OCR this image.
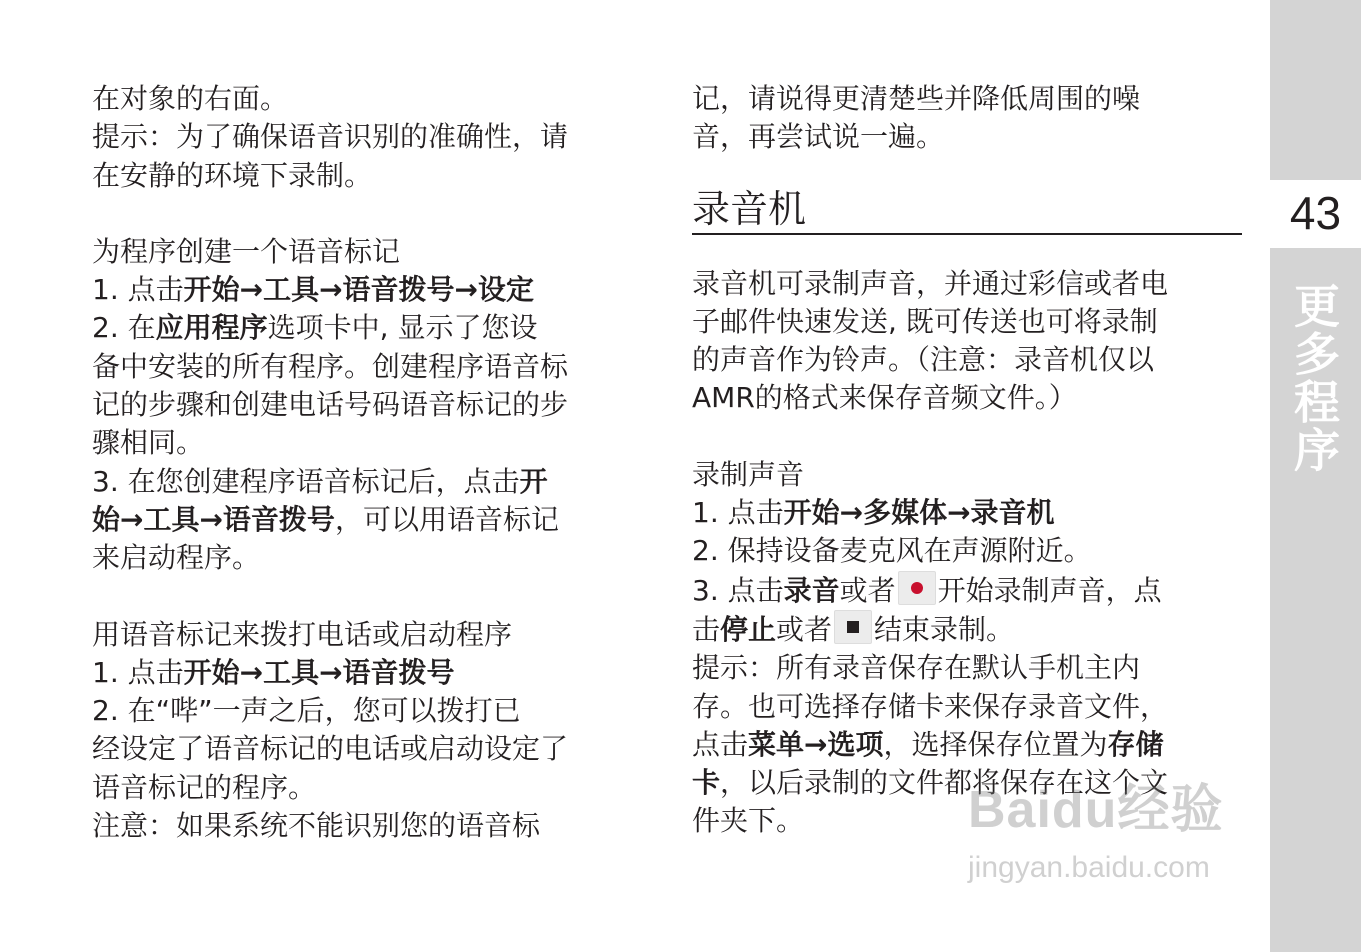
43
更多程序

在对象的右面。

提示：为了确保语音识别的准确性，请

在安静的环境下录制。

为程序创建一个语音标记

1. 点击开始→工具→语音拨号→设定

2. 在应用程序选项卡中, 显示了您设

备中安装的所有程序。创建程序语音标

记的步骤和创建电话号码语音标记的步

骤相同。

3. 在您创建程序语音标记后，点击开

始→工具→语音拨号，可以用语音标记

来启动程序。

用语音标记来拨打电话或启动程序

1. 点击开始→工具→语音拨号

2. 在“哔”一声之后，您可以拨打已

经设定了语音标记的电话或启动设定了

语音标记的程序。

注意：如果系统不能识别您的语音标

记，请说得更清楚些并降低周围的噪

音，再尝试说一遍。

录音机

录音机可录制声音，并通过彩信或者电

子邮件快速发送, 既可传送也可将录制

的声音作为铃声。（注意：录音机仅以

AMR的格式来保存音频文件。）

录制声音

1. 点击开始→多媒体→录音机

2. 保持设备麦克风在声源附近。

3. 点击录音或者 开始录制声音，点

击停止或者 结束录制。

提示：所有录音保存在默认手机主内

存。也可选择存储卡来保存录音文件，

点击菜单→选项，选择保存位置为存储

卡，以后录制的文件都将保存在这个文

件夹下。	Baidu经验
jingyan.baidu.com
